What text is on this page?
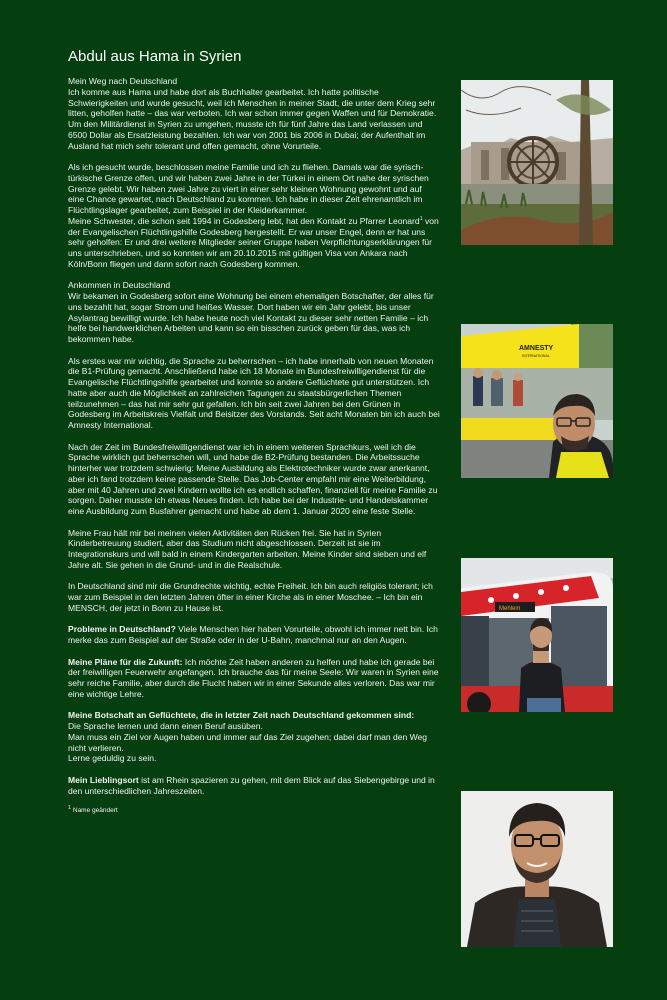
Abdul aus Hama in Syrien

Mein Weg nach Deutschland
Ich komme aus Hama und habe dort als Buchhalter gearbeitet. Ich hatte politische Schwierigkeiten und wurde gesucht, weil ich Menschen in meiner Stadt, die unter dem Krieg sehr litten, geholfen hatte – das war verboten. Ich war schon immer gegen Waffen und für Demokratie. Um den Militärdienst in Syrien zu umgehen, musste ich für fünf Jahre das Land verlassen und 6500 Dollar als Ersatzleistung bezahlen. Ich war von 2001 bis 2006 in Dubai; der Aufenthalt im Ausland hat mich sehr tolerant und offen gemacht, ohne Vorurteile.

Als ich gesucht wurde, beschlossen meine Familie und ich zu fliehen. Damals war die syrisch-türkische Grenze offen, und wir haben zwei Jahre in der Türkei in einem Ort nahe der syrischen Grenze gelebt. Wir haben zwei Jahre zu viert in einer sehr kleinen Wohnung gewohnt und auf eine Chance gewartet, nach Deutschland zu kommen. Ich habe in dieser Zeit ehrenamtlich im Flüchtlingslager gearbeitet, zum Beispiel in der Kleiderkammer.

Meine Schwester, die schon seit 1994 in Godesberg lebt, hat den Kontakt zu Pfarrer Leonard$^1$ von der Evangelischen Flüchtlingshilfe Godesberg hergestellt. Er war unser Engel, denn er hat uns sehr geholfen: Er und drei weitere Mitglieder seiner Gruppe haben Verpflichtungserklärungen für uns unterschrieben, und so konnten wir am 20.10.2015 mit gültigen Visa von Ankara nach Köln/Bonn fliegen und dann sofort nach Godesberg kommen.

Ankommen in Deutschland
Wir bekamen in Godesberg sofort eine Wohnung bei einem ehemaligen Botschafter, der alles für uns bezahlt hat, sogar Strom und heißes Wasser. Dort haben wir ein Jahr gelebt, bis unser Asylantrag bewilligt wurde. Ich habe heute noch viel Kontakt zu dieser sehr netten Familie – ich helfe bei handwerklichen Arbeiten und kann so ein bisschen zurück geben für das, was ich bekommen habe.

Als erstes war mir wichtig, die Sprache zu beherrschen – ich habe innerhalb von neuen Monaten die B1-Prüfung gemacht. Anschließend habe ich 18 Monate im Bundesfreiwilligendienst für die Evangelische Flüchtlingshilfe gearbeitet und konnte so andere Geflüchtete gut unterstützen. Ich hatte aber auch die Möglichkeit an zahlreichen Tagungen zu staatsbürgerlichen Themen teilzunehmen – das hat mir sehr gut gefallen. Ich bin seit zwei Jahren bei den Grünen in Godesberg im Arbeitskreis Vielfalt und Beisitzer des Vorstands. Seit acht Monaten bin ich auch bei Amnesty International.

Nach der Zeit im Bundesfreiwilligendienst war ich in einem weiteren Sprachkurs, weil ich die Sprache wirklich gut beherrschen will, und habe die B2-Prüfung bestanden. Die Arbeitssuche hinterher war trotzdem schwierig: Meine Ausbildung als Elektrotechniker wurde zwar anerkannt, aber ich fand trotzdem keine passende Stelle. Das Job-Center empfahl mir eine Weiterbildung, aber mit 40 Jahren und zwei Kindern wollte ich es endlich schaffen, finanziell für meine Familie zu sorgen. Daher musste ich etwas Neues finden. Ich habe bei der Industrie- und Handelskammer eine Ausbildung zum Busfahrer gemacht und habe ab dem 1. Januar 2020 eine feste Stelle.

Meine Frau hält mir bei meinen vielen Aktivitäten den Rücken frei. Sie hat in Syrien Kinderbetreuung studiert, aber das Studium nicht abgeschlossen. Derzeit ist sie im Integrationskurs und will bald in einem Kindergarten arbeiten. Meine Kinder sind sieben und elf Jahre alt. Sie gehen in die Grund- und in die Realschule.

In Deutschland sind mir die Grundrechte wichtig, echte Freiheit. Ich bin auch religiös tolerant; ich war zum Beispiel in den letzten Jahren öfter in einer Kirche als in einer Moschee. – Ich bin ein MENSCH, der jetzt in Bonn zu Hause ist.

Probleme in Deutschland? Viele Menschen hier haben Vorurteile, obwohl ich immer nett bin. Ich merke das zum Beispiel auf der Straße oder in der U-Bahn, manchmal nur an den Augen.

Meine Pläne für die Zukunft: Ich möchte Zeit haben anderen zu helfen und habe ich gerade bei der freiwilligen Feuerwehr angefangen. Ich brauche das für meine Seele: Wir waren in Syrien eine sehr reiche Familie, aber durch die Flucht haben wir in einer Sekunde alles verloren. Das war mir eine wichtige Lehre.

Meine Botschaft an Geflüchtete, die in letzter Zeit nach Deutschland gekommen sind:
Die Sprache lernen und dann einen Beruf ausüben.
Man muss ein Ziel vor Augen haben und immer auf das Ziel zugehen; dabei darf man den Weg nicht verlieren.
Lerne geduldig zu sein.

Mein Lieblingsort ist am Rhein spazieren zu gehen, mit dem Blick auf das Siebengebirge und in den unterschiedlichen Jahreszeiten.

$^1$ Name geändert
AMNESTY
INTERNATIONAL
Mehlem
